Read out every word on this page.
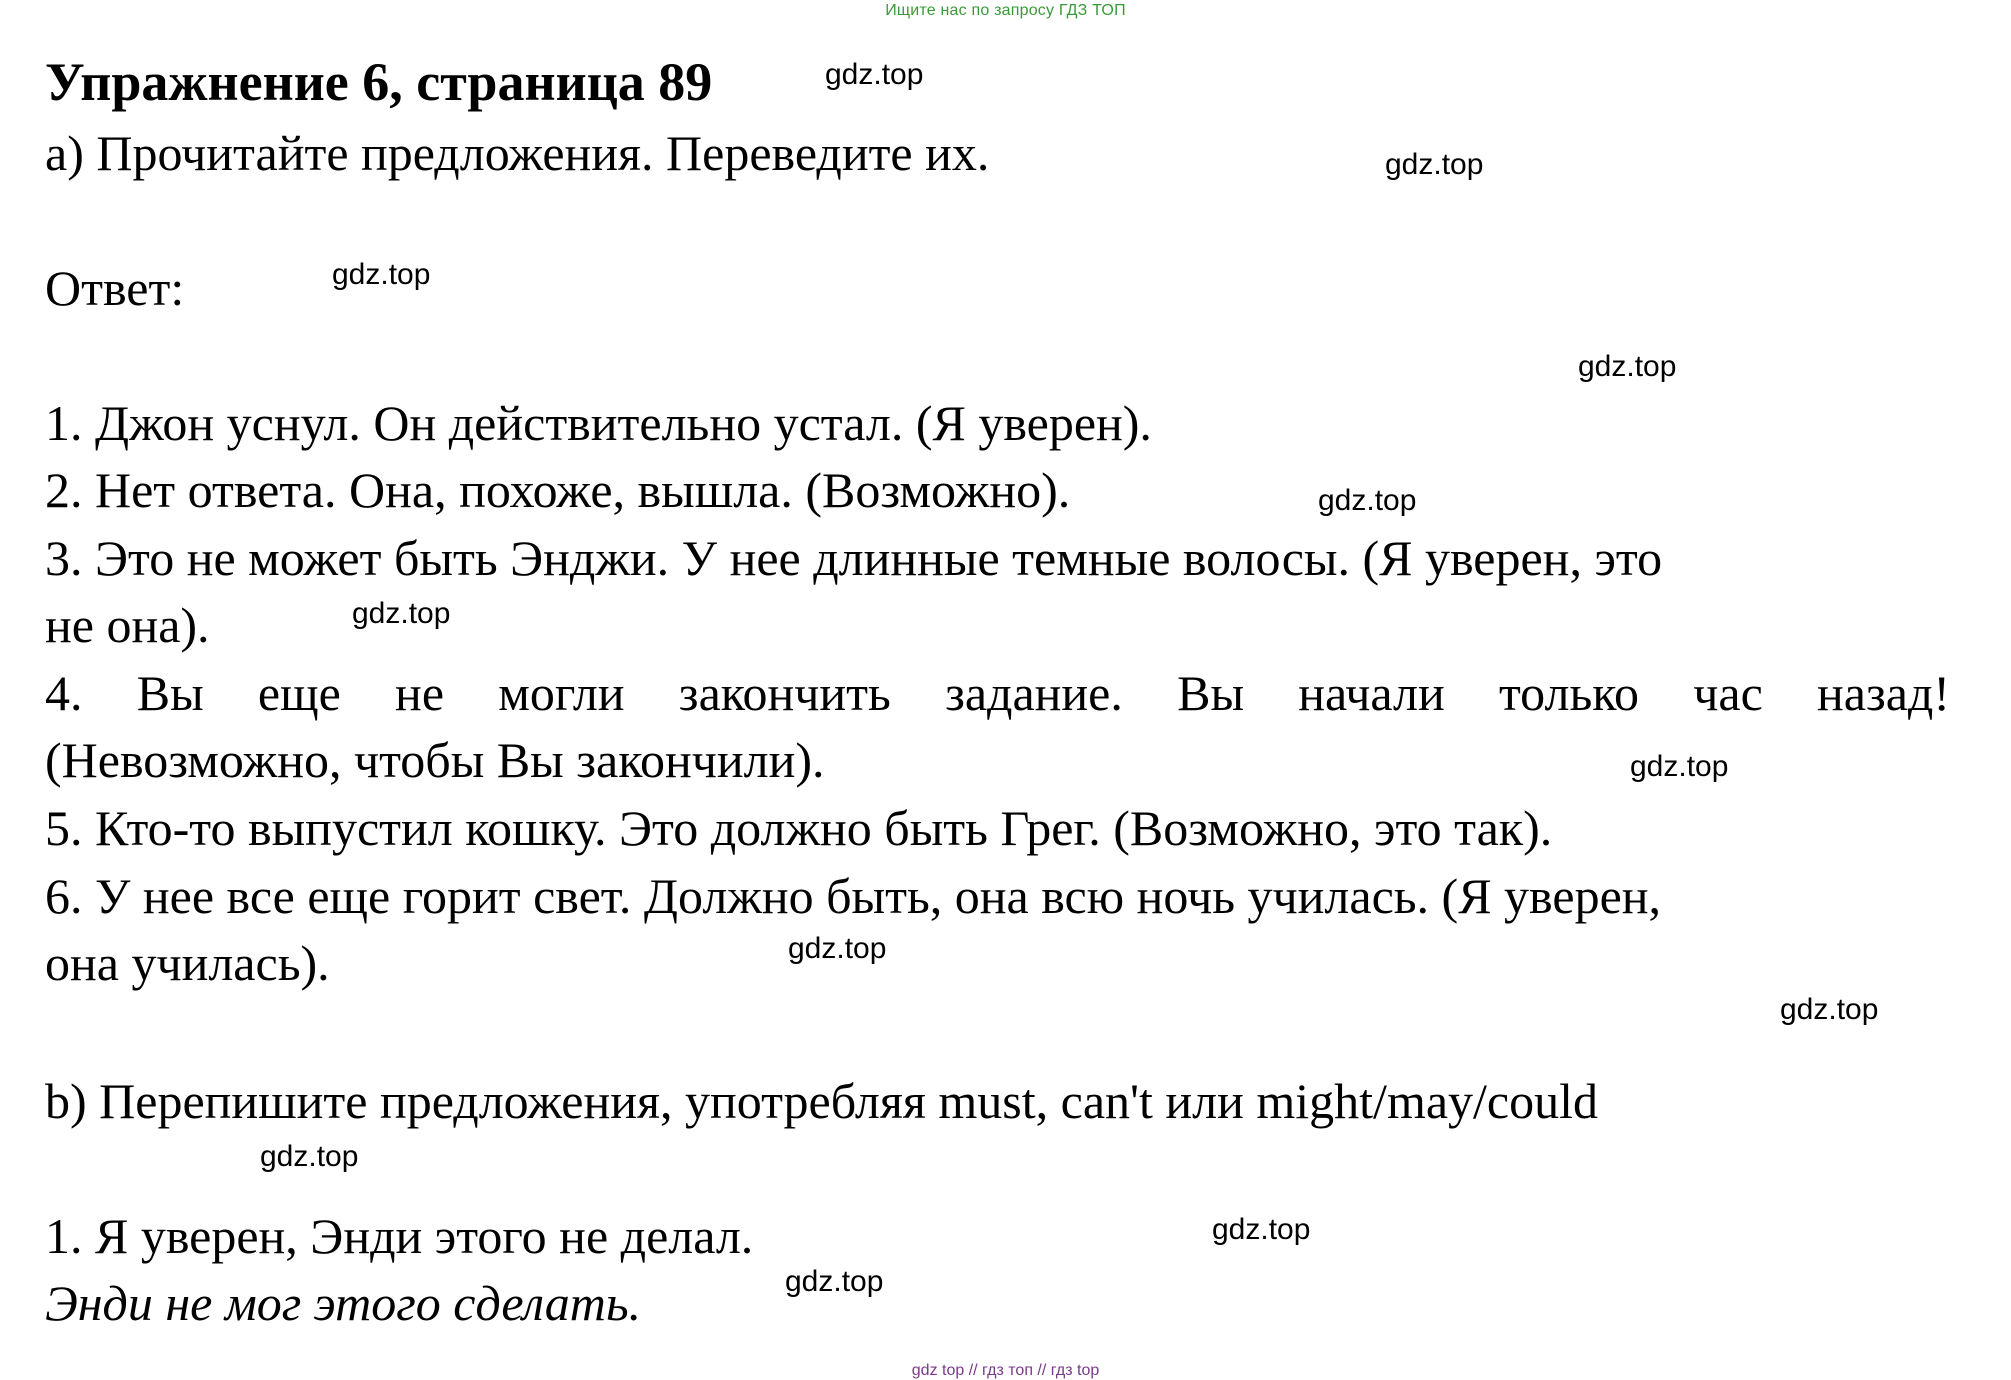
Ищите нас по запросу ГДЗ ТОП
Упражнение 6, страница 89
a) Прочитайте предложения. Переведите их.
Ответ:
1. Джон уснул. Он действительно устал. (Я уверен).
2. Нет ответа. Она, похоже, вышла. (Возможно).
3. Это не может быть Энджи. У нее длинные темные волосы. (Я уверен, это
не она).
4. Вы еще не могли закончить задание. Вы начали только час назад!
(Невозможно, чтобы Вы закончили).
5. Кто-то выпустил кошку. Это должно быть Грег. (Возможно, это так).
6. У нее все еще горит свет. Должно быть, она всю ночь училась. (Я уверен,
она училась).
b) Перепишите предложения, употребляя must, can't или might/may/could
1. Я уверен, Энди этого не делал.
Энди не мог этого сделать.
gdz.top
gdz.top
gdz.top
gdz.top
gdz.top
gdz.top
gdz.top
gdz.top
gdz.top
gdz.top
gdz.top
gdz.top
gdz top // гдз топ // гдз top
